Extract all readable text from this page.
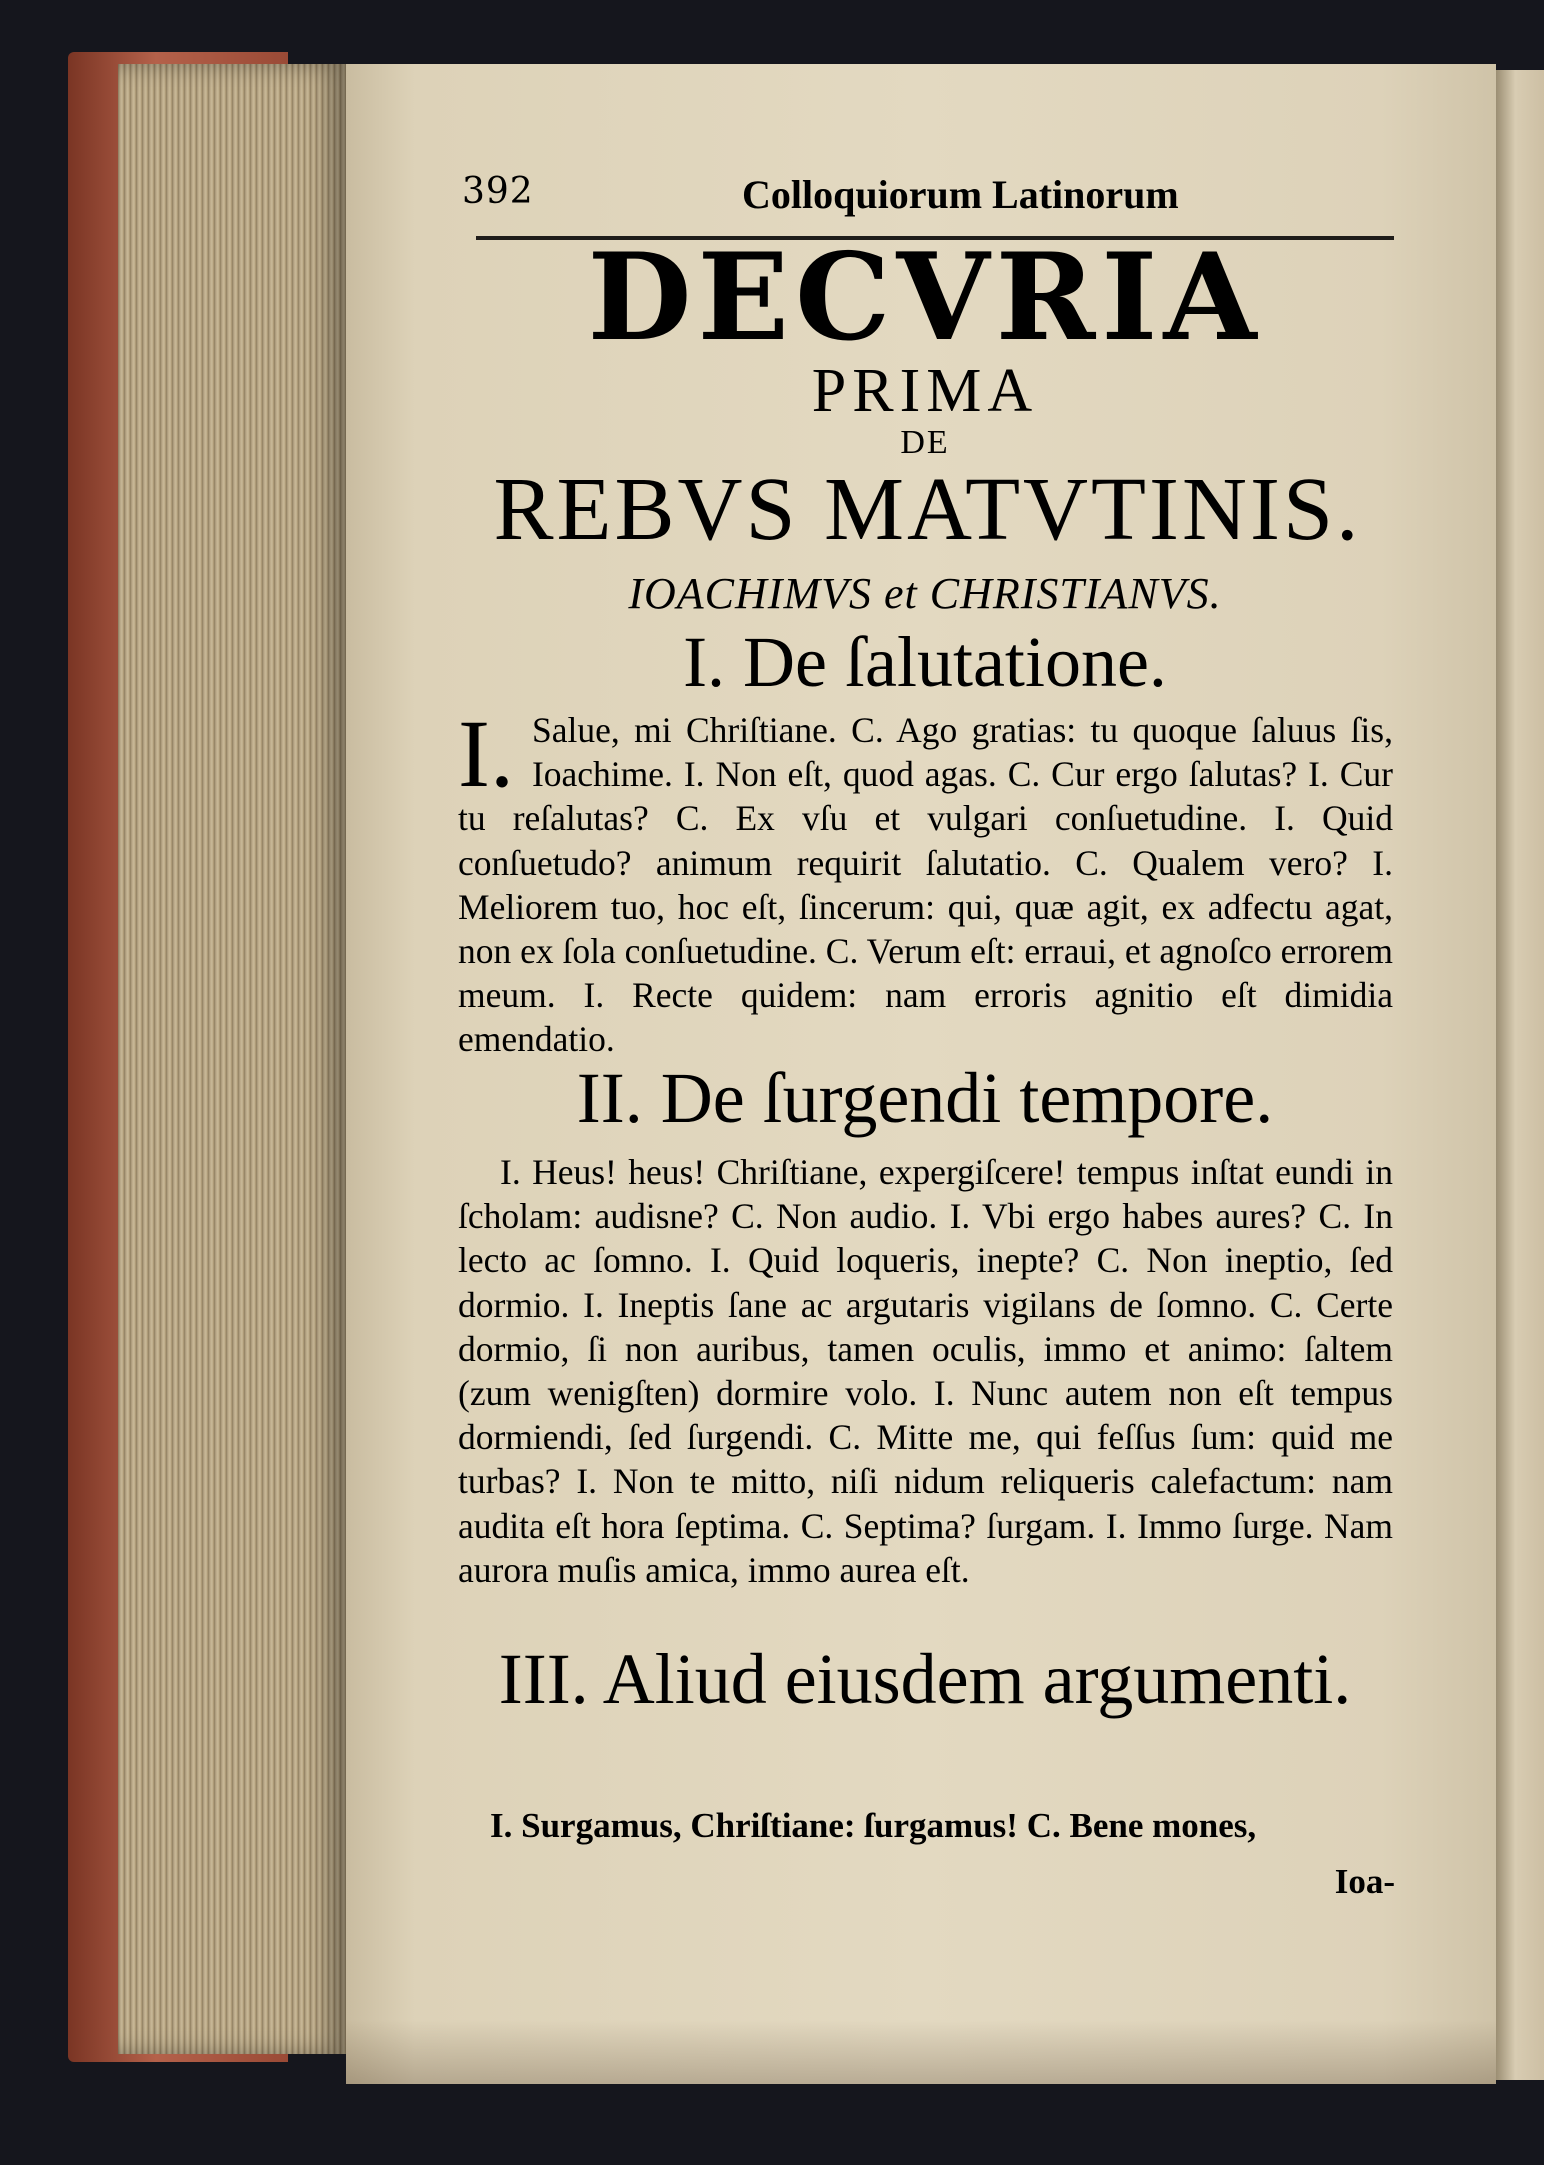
392	Colloquiorum Latinorum
DECVRIA
PRIMA
DE
REBVS MATVTINIS.
IOACHIMVS et CHRISTIANVS.
I. De ſalutatione.

I. Salue, mi Chriſtiane. C. Ago gratias: tu quoque ſaluus ſis, Ioachime. I. Non eſt, quod agas. C. Cur ergo ſalutas? I. Cur tu reſalutas? C. Ex vſu et vulgari conſuetudine. I. Quid conſuetudo? animum requirit ſalutatio. C. Qualem vero? I. Meliorem tuo, hoc eſt, ſincerum: qui, quæ agit, ex adfectu agat, non ex ſola conſuetudine. C. Verum eſt: erraui, et agnoſco errorem meum. I. Recte quidem: nam erroris agnitio eſt dimidia emendatio.

II. De ſurgendi tempore.

I. Heus! heus! Chriſtiane, expergiſcere! tempus inſtat eundi in ſcholam: audisne? C. Non audio. I. Vbi ergo habes aures? C. In lecto ac ſomno. I. Quid loqueris, inepte? C. Non ineptio, ſed dormio. I. Ineptis ſane ac argutaris vigilans de ſomno. C. Certe dormio, ſi non auribus, tamen oculis, immo et animo: ſaltem (zum wenigſten) dormire volo. I. Nunc autem non eſt tempus dormiendi, ſed ſurgendi. C. Mitte me, qui feſſus ſum: quid me turbas? I. Non te mitto, niſi nidum reliqueris calefactum: nam audita eſt hora ſeptima. C. Septima? ſurgam. I. Immo ſurge. Nam aurora muſis amica, immo aurea eſt.

III. Aliud eiusdem argumenti.
I. Surgamus, Chriſtiane: ſurgamus! C. Bene mones,
Ioa-
